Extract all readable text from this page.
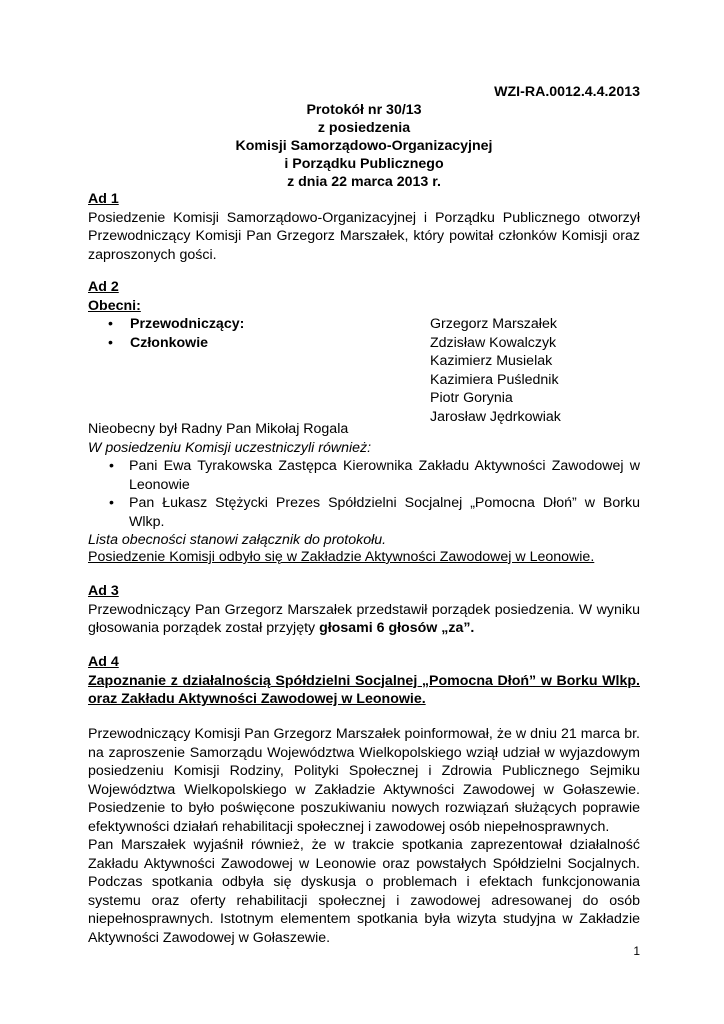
WZI-RA.0012.4.4.2013

Protokół nr 30/13

z posiedzenia

Komisji Samorządowo-Organizacyjnej

i Porządku Publicznego

z dnia 22 marca 2013 r.

Ad 1

Posiedzenie Komisji Samorządowo-Organizacyjnej i Porządku Publicznego otworzył Przewodniczący Komisji Pan Grzegorz Marszałek, który powitał członków Komisji oraz zaproszonych gości.

Ad 2

Obecni:

• Przewodniczący:	Grzegorz Marszałek
• Członkowie	Zdzisław Kowalczyk
Kazimierz Musielak
Kazimiera Puślednik
Piotr Gorynia
Jarosław Jędrkowiak

Nieobecny był Radny Pan Mikołaj Rogala

W posiedzeniu Komisji uczestniczyli również:

• Pani Ewa Tyrakowska Zastępca Kierownika Zakładu Aktywności Zawodowej w Leonowie
• Pan Łukasz Stężycki Prezes Spółdzielni Socjalnej „Pomocna Dłoń” w Borku Wlkp.

Lista obecności stanowi załącznik do protokołu.

Posiedzenie Komisji odbyło się w Zakładzie Aktywności Zawodowej w Leonowie.

Ad 3

Przewodniczący Pan Grzegorz Marszałek przedstawił porządek posiedzenia. W wyniku głosowania porządek został przyjęty głosami 6 głosów „za”.

Ad 4

Zapoznanie z działalnością Spółdzielni Socjalnej „Pomocna Dłoń” w Borku Wlkp. oraz Zakładu Aktywności Zawodowej w Leonowie.

Przewodniczący Komisji Pan Grzegorz Marszałek poinformował, że w dniu 21 marca br. na zaproszenie Samorządu Województwa Wielkopolskiego wziął udział w wyjazdowym posiedzeniu Komisji Rodziny, Polityki Społecznej i Zdrowia Publicznego Sejmiku Województwa Wielkopolskiego w Zakładzie Aktywności Zawodowej w Gołaszewie. Posiedzenie to było poświęcone poszukiwaniu nowych rozwiązań służących poprawie efektywności działań rehabilitacji społecznej i zawodowej osób niepełnosprawnych.

Pan Marszałek wyjaśnił również, że w trakcie spotkania zaprezentował działalność Zakładu Aktywności Zawodowej w Leonowie oraz powstałych Spółdzielni Socjalnych. Podczas spotkania odbyła się dyskusja o problemach i efektach funkcjonowania systemu oraz oferty rehabilitacji społecznej i zawodowej adresowanej do osób niepełnosprawnych. Istotnym elementem spotkania była wizyta studyjna w Zakładzie Aktywności Zawodowej w Gołaszewie.

1
